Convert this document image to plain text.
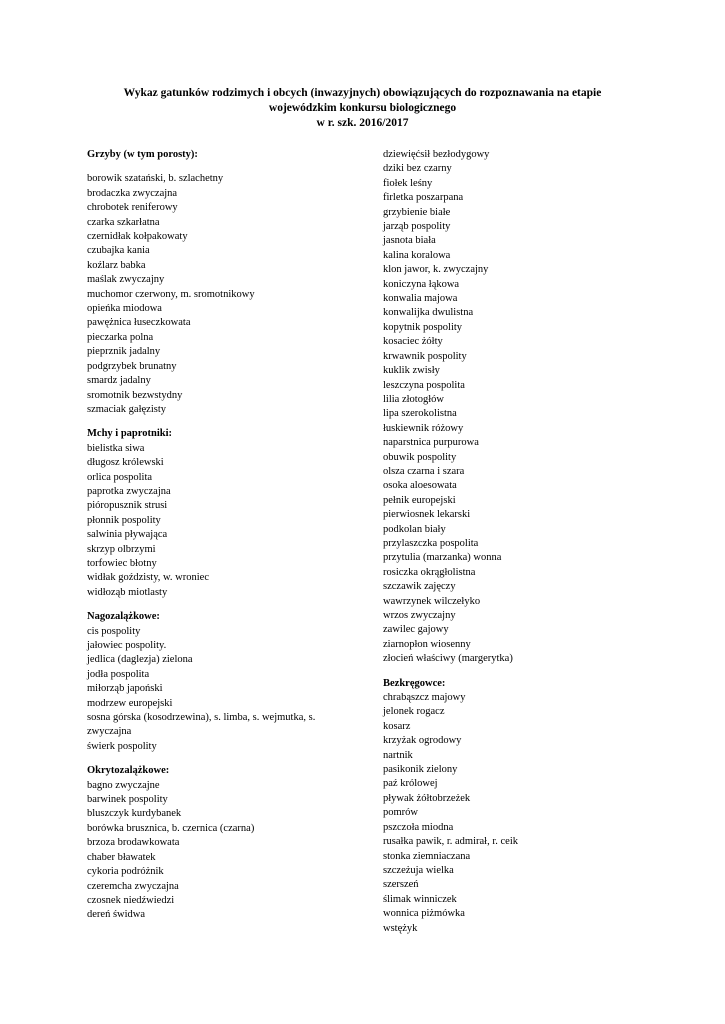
Wykaz gatunków rodzimych i obcych (inwazyjnych) obowiązujących do rozpoznawania na etapie
wojewódzkim konkursu biologicznego
w r. szk. 2016/2017
Grzyby (w tym porosty):
borowik szatański, b. szlachetny
brodaczka zwyczajna
chrobotek reniferowy
czarka szkarłatna
czernidłak kołpakowaty
czubajka kania
koźlarz babka
maślak zwyczajny
muchomor czerwony, m. sromotnikowy
opieńka miodowa
pawężnica łuseczkowata
pieczarka polna
pieprznik jadalny
podgrzybek brunatny
smardz jadalny
sromotnik bezwstydny
szmaciak gałęzisty
Mchy i paprotniki:
bielistka siwa
długosz królewski
orlica pospolita
paprotka zwyczajna
pióropusznik strusi
płonnik pospolity
salwinia pływająca
skrzyp olbrzymi
torfowiec błotny
widłak goździsty, w. wroniec
widłoząb miotlasty
Nagozalążkowe:
cis pospolity
jałowiec pospolity.
jedlica (daglezja) zielona
jodła pospolita
miłorząb japoński
modrzew europejski
sosna górska (kosodrzewina), s. limba, s. wejmutka, s. zwyczajna
świerk pospolity
Okrytozalążkowe:
bagno zwyczajne
barwinek pospolity
bluszczyk kurdybanek
borówka brusznica, b. czernica (czarna)
brzoza brodawkowata
chaber bławatek
cykoria podróżnik
czeremcha zwyczajna
czosnek niedźwiedzi
dereń świdwa
dziewięćsił bezłodygowy
dziki bez czarny
fiołek leśny
firletka poszarpana
grzybienie białe
jarząb pospolity
jasnota biała
kalina koralowa
klon jawor, k. zwyczajny
koniczyna łąkowa
konwalia majowa
konwalijka dwulistna
kopytnik pospolity
kosaciec żółty
krwawnik pospolity
kuklik zwisły
leszczyna pospolita
lilia złotogłów
lipa szerokolistna
łuskiewnik różowy
naparstnica purpurowa
obuwik pospolity
olsza czarna i szara
osoka aloesowata
pełnik europejski
pierwiosnek lekarski
podkolan biały
przylaszczka pospolita
przytulia (marzanka) wonna
rosiczka okrągłolistna
szczawik zajęczy
wawrzynek wilczełyko
wrzos zwyczajny
zawilec gajowy
ziarnopłon wiosenny
złocień właściwy (margerytka)
Bezkręgowce:
chrabąszcz majowy
jelonek rogacz
kosarz
krzyżak ogrodowy
nartnik
pasikonik zielony
paź królowej
pływak żółtobrzeżek
pomrów
pszczoła miodna
rusałka pawik, r. admirał, r. ceik
stonka ziemniaczana
szczeżuja wielka
szerszeń
ślimak winniczek
wonnica piżmówka
wstężyk
